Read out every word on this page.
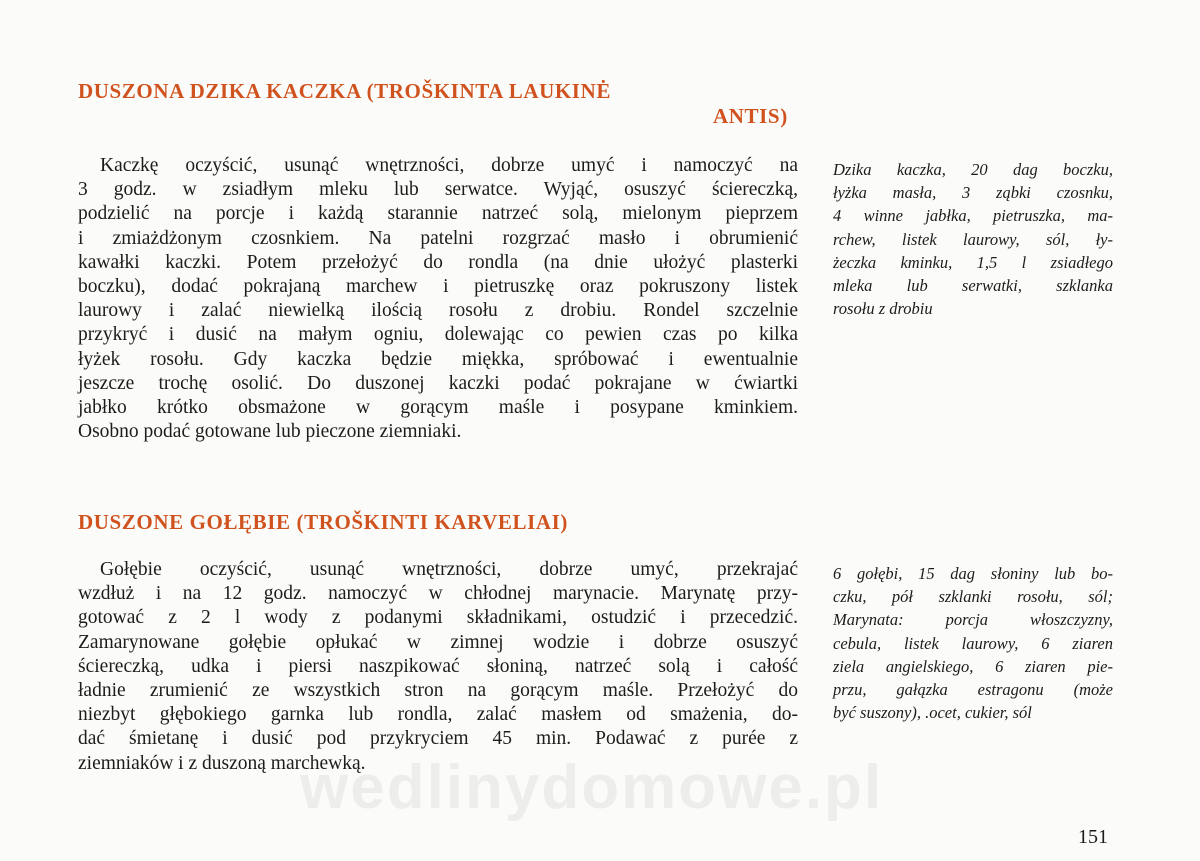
DUSZONA DZIKA KACZKA (TROŠKINTA LAUKINĖ
ANTIS)
Kaczkę oczyścić, usunąć wnętrzności, dobrze umyć i namoczyć na
3 godz. w zsiadłym mleku lub serwatce. Wyjąć, osuszyć ściereczką,
podzielić na porcje i każdą starannie natrzeć solą, mielonym pieprzem
i zmiażdżonym czosnkiem. Na patelni rozgrzać masło i obrumienić
kawałki kaczki. Potem przełożyć do rondla (na dnie ułożyć plasterki
boczku), dodać pokrajaną marchew i pietruszkę oraz pokruszony listek
laurowy i zalać niewielką ilością rosołu z drobiu. Rondel szczelnie
przykryć i dusić na małym ogniu, dolewając co pewien czas po kilka
łyżek rosołu. Gdy kaczka będzie miękka, spróbować i ewentualnie
jeszcze trochę osolić. Do duszonej kaczki podać pokrajane w ćwiartki
jabłko krótko obsmażone w gorącym maśle i posypane kminkiem.
Osobno podać gotowane lub pieczone ziemniaki.
Dzika kaczka, 20 dag boczku,
łyżka masła, 3 ząbki czosnku,
4 winne jabłka, pietruszka, ma-
rchew, listek laurowy, sól, ły-
żeczka kminku, 1,5 l zsiadłego
mleka lub serwatki, szklanka
rosołu z drobiu
DUSZONE GOŁĘBIE (TROŠKINTI KARVELIAI)
Gołębie oczyścić, usunąć wnętrzności, dobrze umyć, przekrajać
wzdłuż i na 12 godz. namoczyć w chłodnej marynacie. Marynatę przy-
gotować z 2 l wody z podanymi składnikami, ostudzić i przecedzić.
Zamarynowane gołębie opłukać w zimnej wodzie i dobrze osuszyć
ściereczką, udka i piersi naszpikować słoniną, natrzeć solą i całość
ładnie zrumienić ze wszystkich stron na gorącym maśle. Przełożyć do
niezbyt głębokiego garnka lub rondla, zalać masłem od smażenia, do-
dać śmietanę i dusić pod przykryciem 45 min. Podawać z purée z
ziemniaków i z duszoną marchewką.
6 gołębi, 15 dag słoniny lub bo-
czku, pół szklanki rosołu, sól;
Marynata: porcja włoszczyzny,
cebula, listek laurowy, 6 ziaren
ziela angielskiego, 6 ziaren pie-
przu, gałązka estragonu (może
być suszony), .ocet, cukier, sól
wedlinydomowe.pl
151
